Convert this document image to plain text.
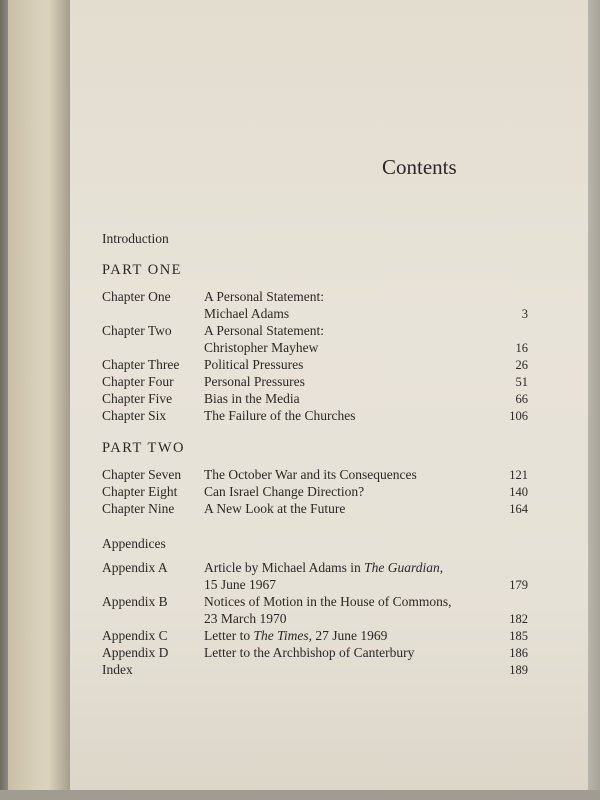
Contents
Introduction
PART ONE
Chapter One A Personal Statement:
Michael Adams	3
Chapter Two A Personal Statement:
Christopher Mayhew	16
Chapter Three Political Pressures	26
Chapter Four Personal Pressures	51
Chapter Five Bias in the Media	66
Chapter Six	The Failure of the Churches	106
PART TWO
Chapter Seven The October War and its Consequences	121
Chapter Eight Can Israel Change Direction?	140
Chapter Nine A New Look at the Future	164
Appendices
Appendix A	Article by Michael Adams in The Guardian,
15 June 1967	179
Appendix B	Notices of Motion in the House of Commons,
23 March 1970	182
Appendix C	Letter to The Times, 27 June 1969	185
Appendix D	Letter to the Archbishop of Canterbury	186
Index	189
